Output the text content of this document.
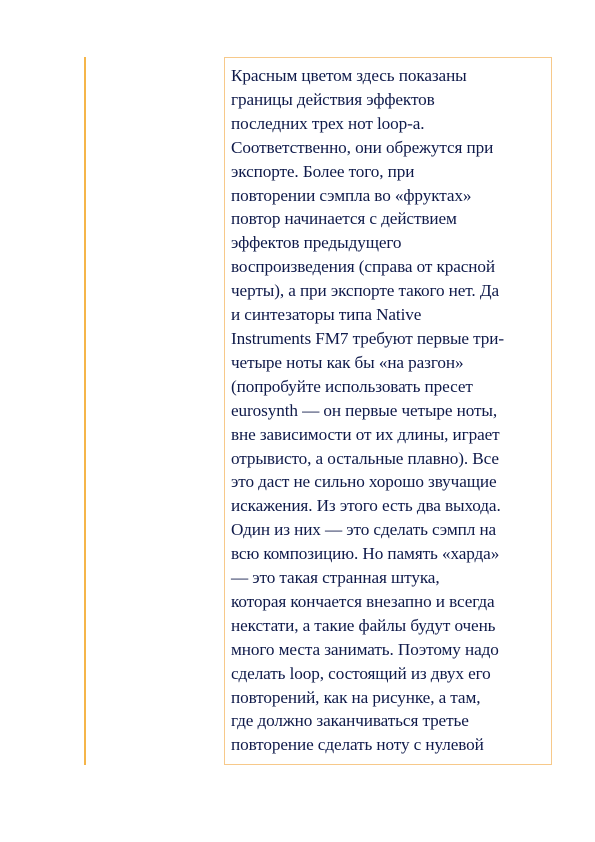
Красным цветом здесь показаны
границы действия эффектов
последних трех нот loop-а.
Соответственно, они обрежутся при
экспорте. Более того, при
повторении сэмпла во «фруктах»
повтор начинается с действием
эффектов предыдущего
воспроизведения (справа от красной
черты), а при экспорте такого нет. Да
и синтезаторы типа Native
Instruments FM7 требуют первые три-
четыре ноты как бы «на разгон»
(попробуйте использовать пресет
eurosynth — он первые четыре ноты,
вне зависимости от их длины, играет
отрывисто, а остальные плавно). Все
это даст не сильно хорошо звучащие
искажения. Из этого есть два выхода.
Один из них — это сделать сэмпл на
всю композицию. Но память «харда»
— это такая странная штука,
которая кончается внезапно и всегда
некстати, а такие файлы будут очень
много места занимать. Поэтому надо
сделать loop, состоящий из двух его
повторений, как на рисунке, а там,
где должно заканчиваться третье
повторение сделать ноту с нулевой
